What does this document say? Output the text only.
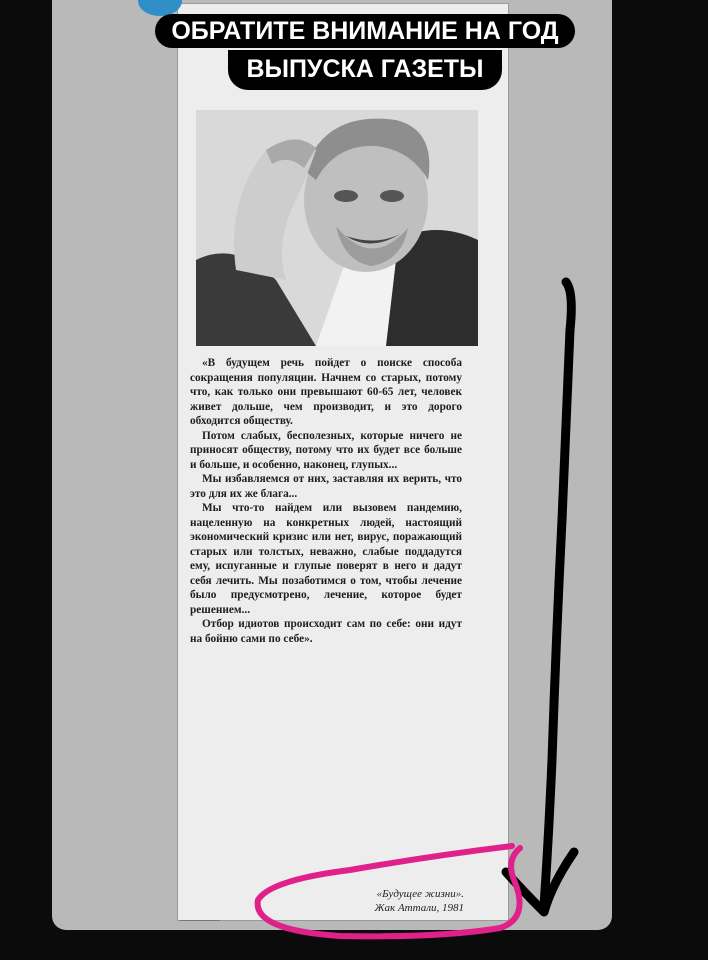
«В будущем речь пойдет о поиске способа сокращения популяции. Начнем со старых, потому что, как только они превышают 60-65 лет, человек живет дольше, чем производит, и это дорого обходится обществу.

Потом слабых, бесполезных, которые ничего не приносят обществу, потому что их будет все больше и больше, и особенно, наконец, глупых...

Мы избавляемся от них, заставляя их верить, что это для их же блага...

Мы что-то найдем или вызовем пандемию, нацеленную на конкретных людей, настоящий экономический кризис или нет, вирус, поражающий старых или толстых, неважно, слабые поддадутся ему, испуганные и глупые поверят в него и дадут себя лечить. Мы позаботимся о том, чтобы лечение было предусмотрено, лечение, которое будет решением...

Отбор идиотов происходит сам по себе: они идут на бойню сами по себе».

«Будущее жизни».
Жак Аттали, 1981
ОБРАТИТЕ ВНИМАНИЕ НА ГОД
ВЫПУСКА ГАЗЕТЫ
